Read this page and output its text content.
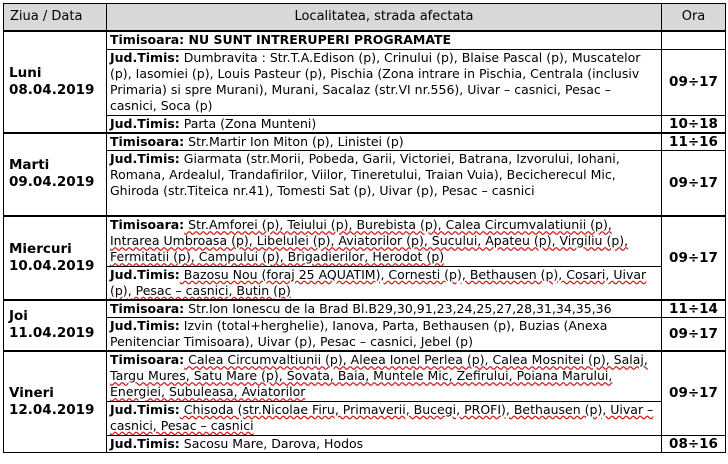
Ziua / Data	Localitatea, strada afectata	Ora

Luni
08.04.2019	Timisoara: NU SUNT INTRERUPERI PROGRAMATE	
	Jud.Timis: Dumbravita : Str.T.A.Edison (p), Crinului (p), Blaise Pascal (p), Muscatelor (p), Iasomiei (p), Louis Pasteur (p), Pischia (Zona intrare in Pischia, Centrala (inclusiv Primaria) si spre Murani), Murani, Sacalaz (str.VI nr.556), Uivar – casnici, Pesac – casnici, Soca (p)	09÷17
	Jud.Timis: Parta (Zona Munteni)	10÷18

Marti
09.04.2019	Timisoara: Str.Martir Ion Miton (p), Linistei (p)	11÷16
	Jud.Timis: Giarmata (str.Morii, Pobeda, Garii, Victoriei, Batrana, Izvorului, Iohani, Romana, Ardealul, Trandafirilor, Viilor, Tineretului, Traian Vuia), Becicherecul Mic, Ghiroda (str.Titeica nr.41), Tomesti Sat (p), Uivar (p), Pesac – casnici	09÷17

Miercuri
10.04.2019	Timisoara: Str.Amforei (p), Teiului (p), Burebista (p), Calea Circumvalatiunii (p), Intrarea Umbroasa (p), Libelulei (p), Aviatorilor (p), Sucului, Apateu (p), Virgiliu (p), Fermitatii (p), Campului (p), Brigadierilor, Herodot (p)	09÷17
	Jud.Timis: Bazosu Nou (foraj 25 AQUATIM), Cornesti (p), Bethausen (p), Cosari, Uivar (p), Pesac – casnici, Butin (p)	

Joi
11.04.2019	Timisoara: Str.Ion Ionescu de la Brad Bl.B29,30,91,23,24,25,27,28,31,34,35,36	11÷14
	Jud.Timis: Izvin (total+herghelie), Ianova, Parta, Bethausen (p), Buzias (Anexa Penitenciar Timisoara), Uivar (p), Pesac – casnici, Jebel (p)	09÷17

Vineri
12.04.2019	Timisoara: Calea Circumvaltiunii (p), Aleea Ionel Perlea (p), Calea Mosnitei (p), Salaj, Targu Mures, Satu Mare (p), Sovata, Baia, Muntele Mic, Zefirului, Poiana Marului, Energiei, Subuleasa, Aviatorilor	09÷17
	Jud.Timis: Chisoda (str.Nicolae Firu, Primaverii, Bucegi, PROFI), Bethausen (p), Uivar – casnici, Pesac – casnici	
	Jud.Timis: Sacosu Mare, Darova, Hodos	08÷16
